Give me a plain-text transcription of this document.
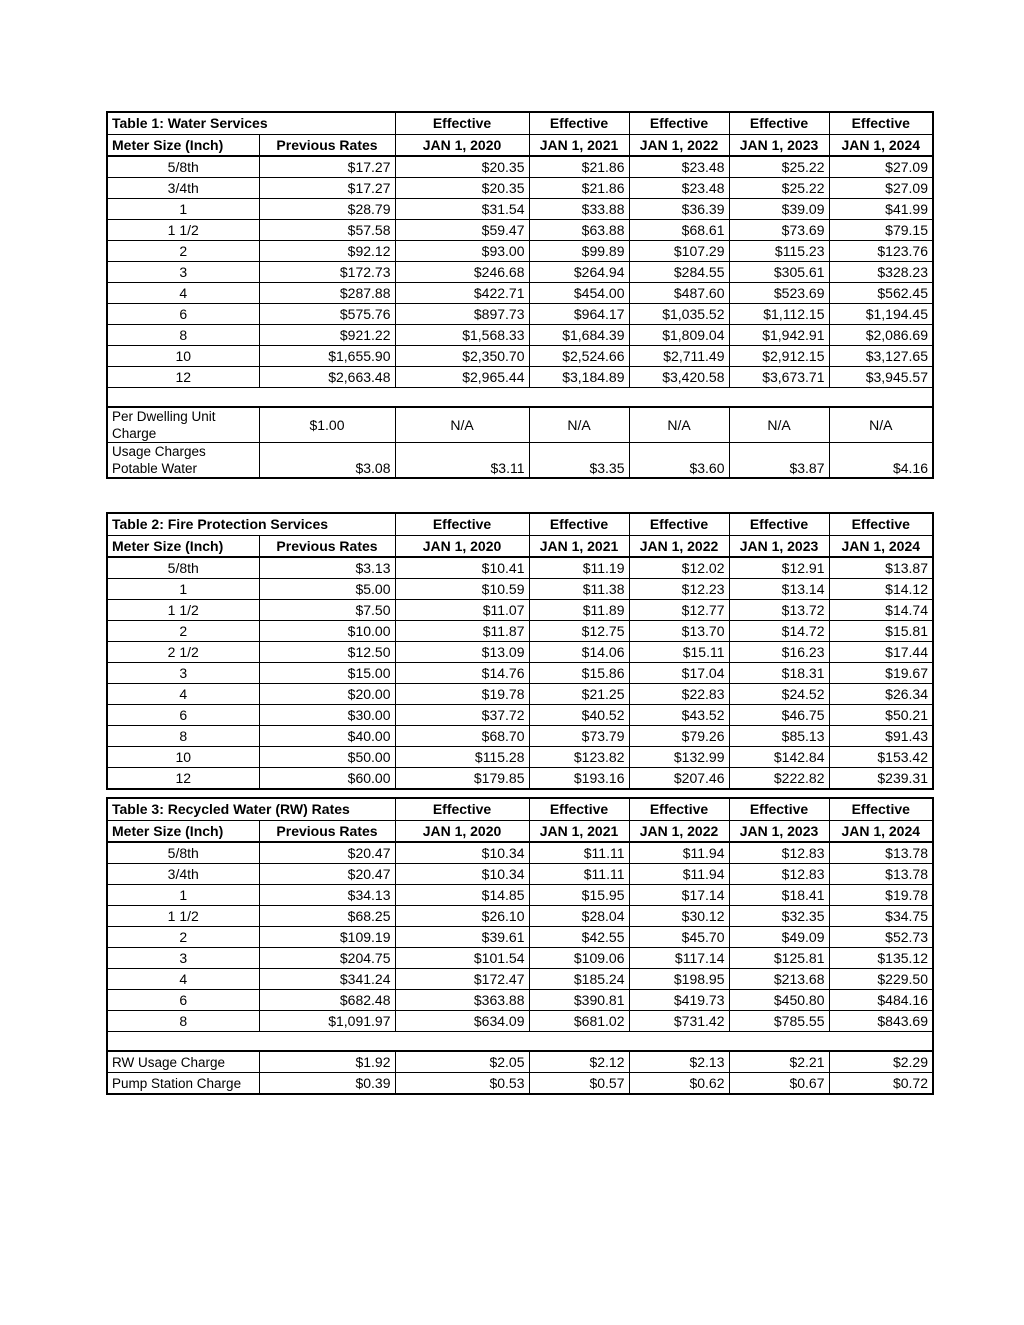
Table 1: Water Services		Effective	Effective	Effective	Effective	Effective
Meter Size (Inch)	Previous Rates	JAN 1, 2020	JAN 1, 2021	JAN 1, 2022	JAN 1, 2023	JAN 1, 2024
5/8th	$17.27	$20.35	$21.86	$23.48	$25.22	$27.09
3/4th	$17.27	$20.35	$21.86	$23.48	$25.22	$27.09
1	$28.79	$31.54	$33.88	$36.39	$39.09	$41.99
1 1/2	$57.58	$59.47	$63.88	$68.61	$73.69	$79.15
2	$92.12	$93.00	$99.89	$107.29	$115.23	$123.76
3	$172.73	$246.68	$264.94	$284.55	$305.61	$328.23
4	$287.88	$422.71	$454.00	$487.60	$523.69	$562.45
6	$575.76	$897.73	$964.17	$1,035.52	$1,112.15	$1,194.45
8	$921.22	$1,568.33	$1,684.39	$1,809.04	$1,942.91	$2,086.69
10	$1,655.90	$2,350.70	$2,524.66	$2,711.49	$2,912.15	$3,127.65
12	$2,663.48	$2,965.44	$3,184.89	$3,420.58	$3,673.71	$3,945.57

Per Dwelling Unit
Charge	$1.00	N/A	N/A	N/A	N/A	N/A
Usage Charges
Potable Water	$3.08	$3.11	$3.35	$3.60	$3.87	$4.16
Table 2: Fire Protection Services		Effective	Effective	Effective	Effective	Effective
Meter Size (Inch)	Previous Rates	JAN 1, 2020	JAN 1, 2021	JAN 1, 2022	JAN 1, 2023	JAN 1, 2024
5/8th	$3.13	$10.41	$11.19	$12.02	$12.91	$13.87
1	$5.00	$10.59	$11.38	$12.23	$13.14	$14.12
1 1/2	$7.50	$11.07	$11.89	$12.77	$13.72	$14.74
2	$10.00	$11.87	$12.75	$13.70	$14.72	$15.81
2 1/2	$12.50	$13.09	$14.06	$15.11	$16.23	$17.44
3	$15.00	$14.76	$15.86	$17.04	$18.31	$19.67
4	$20.00	$19.78	$21.25	$22.83	$24.52	$26.34
6	$30.00	$37.72	$40.52	$43.52	$46.75	$50.21
8	$40.00	$68.70	$73.79	$79.26	$85.13	$91.43
10	$50.00	$115.28	$123.82	$132.99	$142.84	$153.42
12	$60.00	$179.85	$193.16	$207.46	$222.82	$239.31
Table 3: Recycled Water (RW) Rates		Effective	Effective	Effective	Effective	Effective
Meter Size (Inch)	Previous Rates	JAN 1, 2020	JAN 1, 2021	JAN 1, 2022	JAN 1, 2023	JAN 1, 2024
5/8th	$20.47	$10.34	$11.11	$11.94	$12.83	$13.78
3/4th	$20.47	$10.34	$11.11	$11.94	$12.83	$13.78
1	$34.13	$14.85	$15.95	$17.14	$18.41	$19.78
1 1/2	$68.25	$26.10	$28.04	$30.12	$32.35	$34.75
2	$109.19	$39.61	$42.55	$45.70	$49.09	$52.73
3	$204.75	$101.54	$109.06	$117.14	$125.81	$135.12
4	$341.24	$172.47	$185.24	$198.95	$213.68	$229.50
6	$682.48	$363.88	$390.81	$419.73	$450.80	$484.16
8	$1,091.97	$634.09	$681.02	$731.42	$785.55	$843.69

RW Usage Charge	$1.92	$2.05	$2.12	$2.13	$2.21	$2.29
Pump Station Charge	$0.39	$0.53	$0.57	$0.62	$0.67	$0.72
